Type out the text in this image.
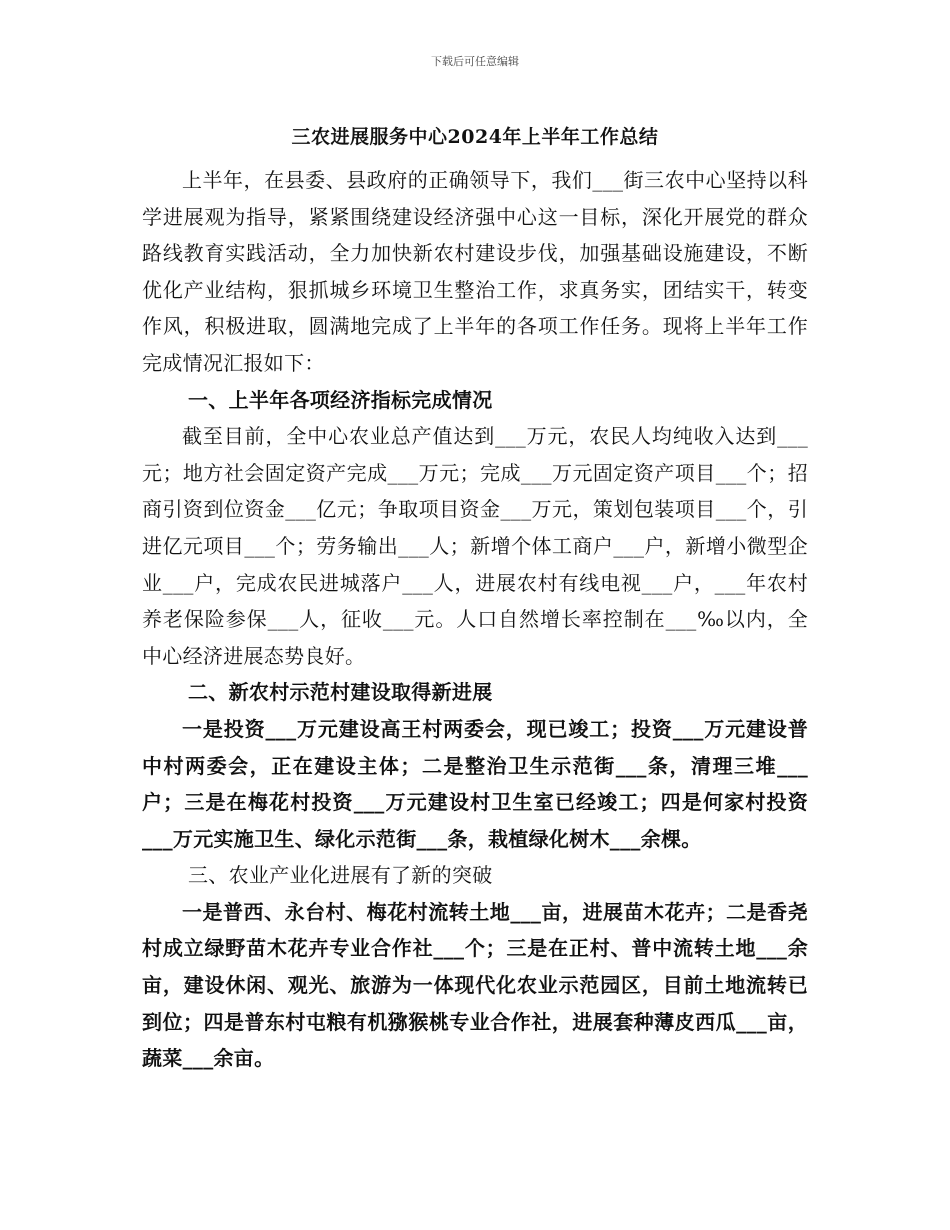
下载后可任意编辑
三农进展服务中心2024年上半年工作总结

上半年，在县委、县政府的正确领导下，我们___街三农中心坚持以科学进展观为指导，紧紧围绕建设经济强中心这一目标，深化开展党的群众路线教育实践活动，全力加快新农村建设步伐，加强基础设施建设，不断优化产业结构，狠抓城乡环境卫生整治工作，求真务实，团结实干，转变作风，积极进取，圆满地完成了上半年的各项工作任务。现将上半年工作完成情况汇报如下：

一、上半年各项经济指标完成情况

截至目前，全中心农业总产值达到___万元，农民人均纯收入达到___元；地方社会固定资产完成___万元；完成___万元固定资产项目___个；招商引资到位资金___亿元；争取项目资金___万元，策划包装项目___个，引进亿元项目___个；劳务输出___人；新增个体工商户___户，新增小微型企业___户，完成农民进城落户___人，进展农村有线电视___户，___年农村养老保险参保___人，征收___元。人口自然增长率控制在___‰以内，全中心经济进展态势良好。

二、新农村示范村建设取得新进展

一是投资___万元建设高王村两委会，现已竣工；投资___万元建设普中村两委会，正在建设主体；二是整治卫生示范街___条，清理三堆___户；三是在梅花村投资___万元建设村卫生室已经竣工；四是何家村投资___万元实施卫生、绿化示范街___条，栽植绿化树木___余棵。

三、农业产业化进展有了新的突破

一是普西、永台村、梅花村流转土地___亩，进展苗木花卉；二是香尧村成立绿野苗木花卉专业合作社___个；三是在正村、普中流转土地___余亩，建设休闲、观光、旅游为一体现代化农业示范园区，目前土地流转已到位；四是普东村屯粮有机猕猴桃专业合作社，进展套种薄皮西瓜___亩，蔬菜___余亩。
